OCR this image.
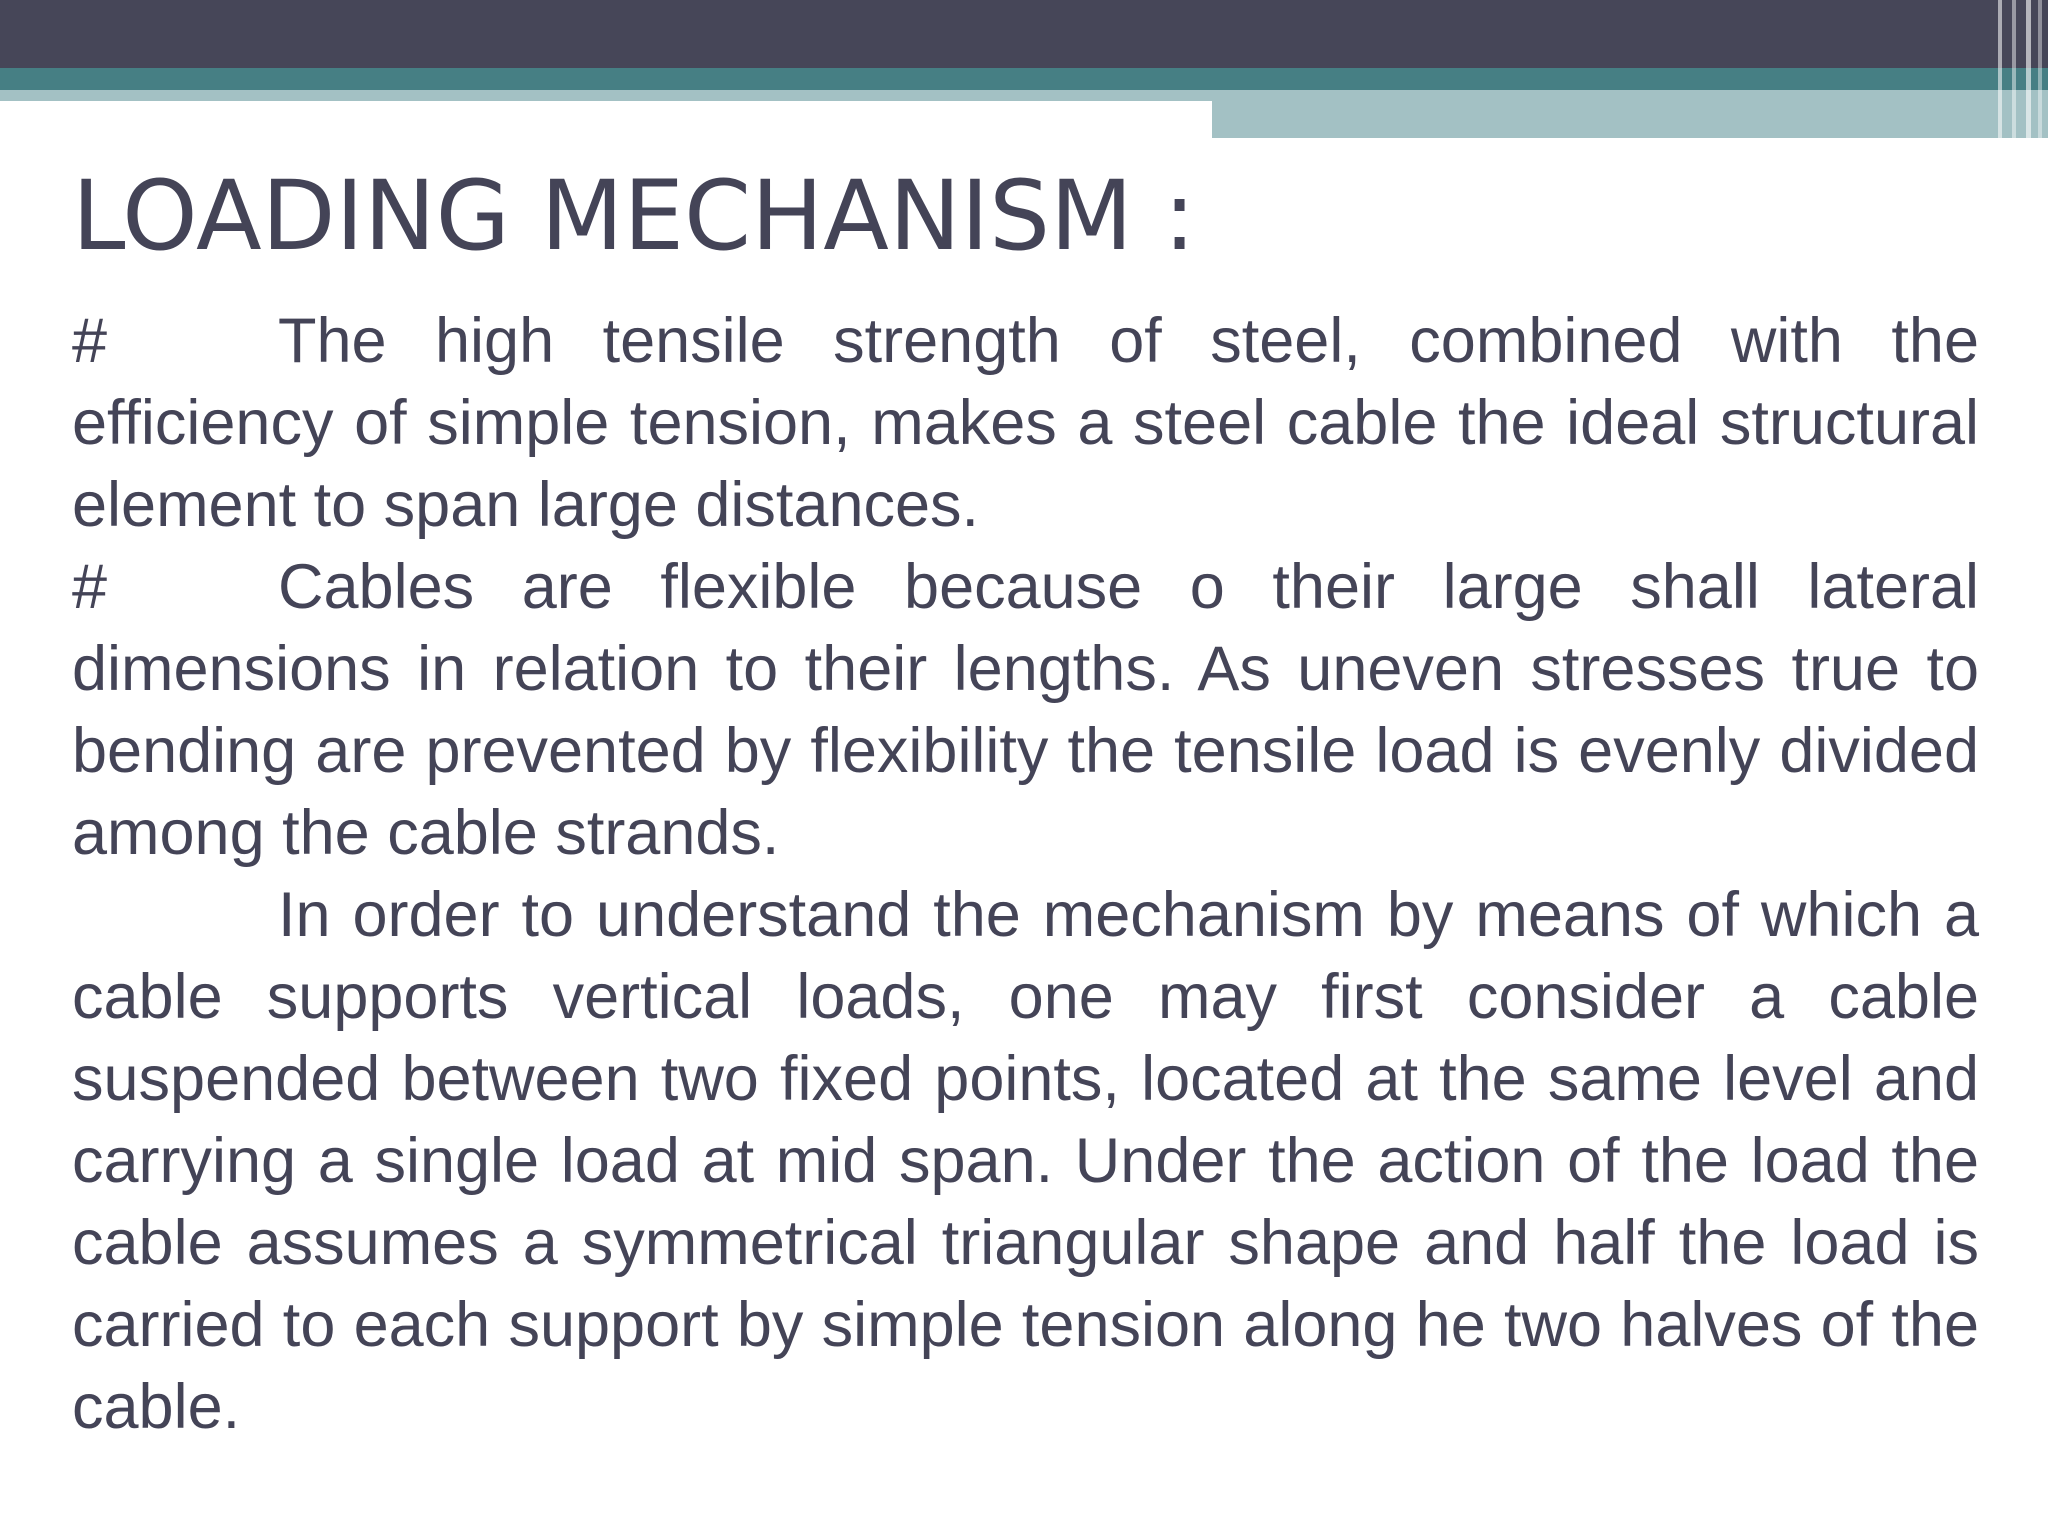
LOADING MECHANISM :

#	The high tensile strength of steel, combined with the efficiency of simple tension, makes a steel cable the ideal structural element to span large distances.

#	Cables are flexible because o their large shall lateral dimensions in relation to their lengths. As uneven stresses true to bending are prevented by flexibility the tensile load is evenly divided among the cable strands.

In order to understand the mechanism by means of which a cable supports vertical loads, one may first consider a cable suspended between two fixed points, located at the same level and carrying a single load at mid span. Under the action of the load the cable assumes a symmetrical triangular shape and half the load is carried to each support by simple tension along he two halves of the cable.
